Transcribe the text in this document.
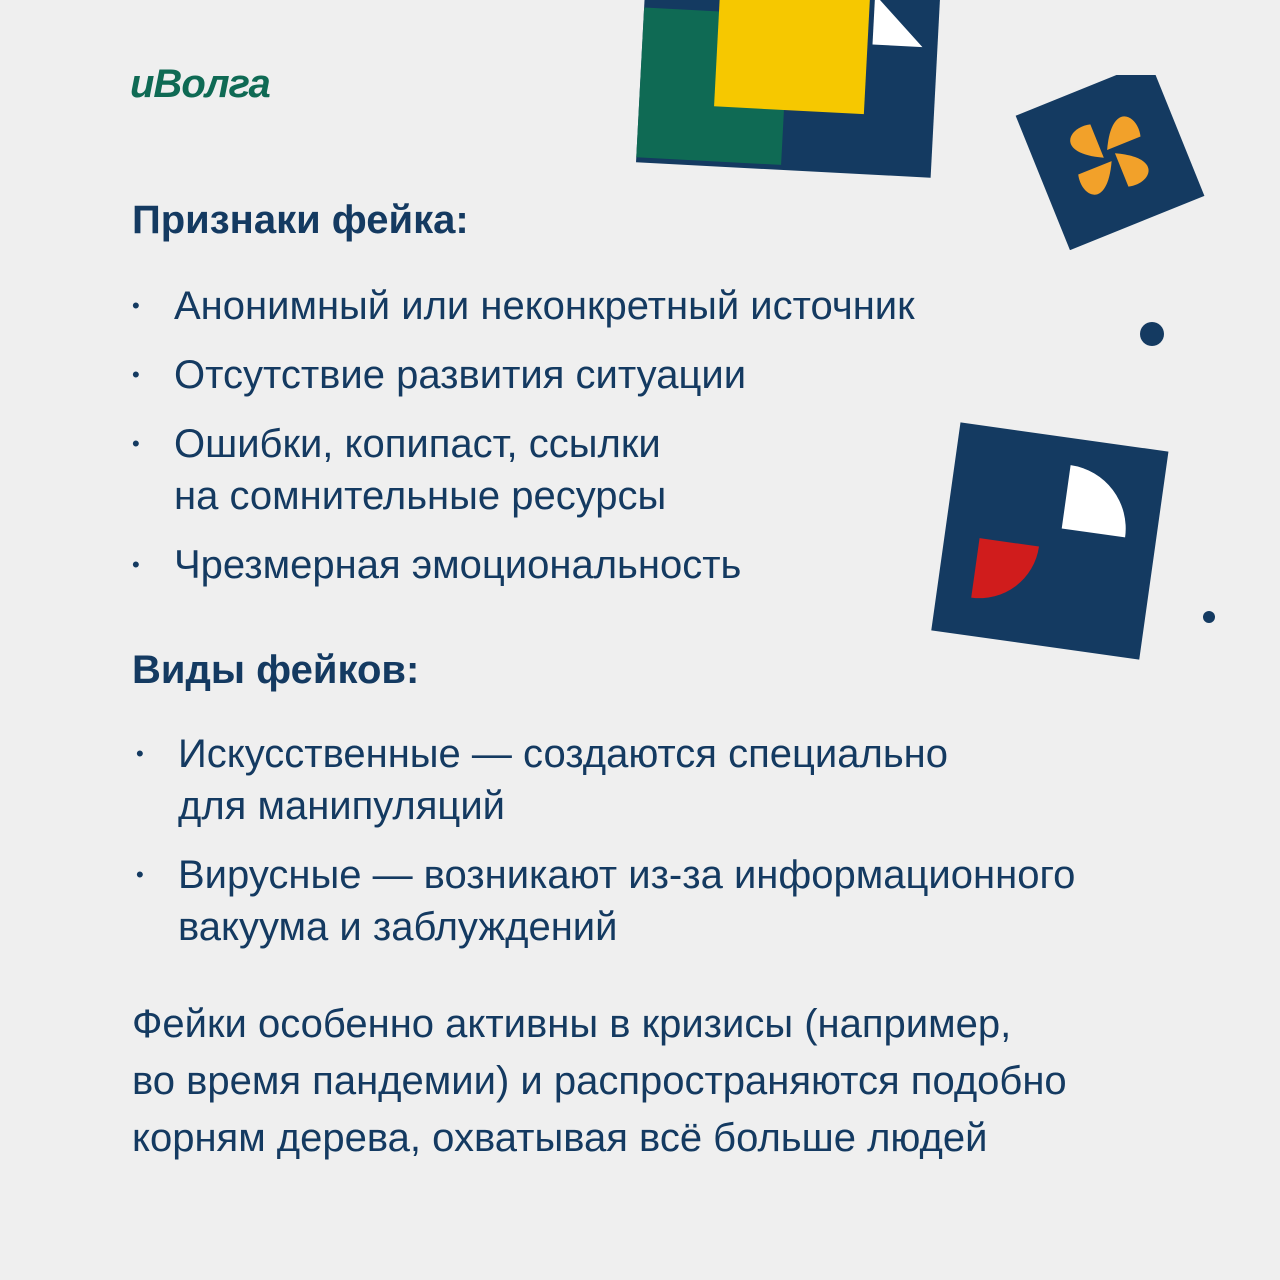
иВолга
Признаки фейка:
• Анонимный или неконкретный источник
• Отсутствие развития ситуации
• Ошибки, копипаст, ссылки
на сомнительные ресурсы
• Чрезмерная эмоциональность
Виды фейков:
• Искусственные — создаются специально
для манипуляций
• Вирусные — возникают из-за информационного
вакуума и заблуждений

Фейки особенно активны в кризисы (например,
во время пандемии) и распространяются подобно
корням дерева, охватывая всё больше людей
